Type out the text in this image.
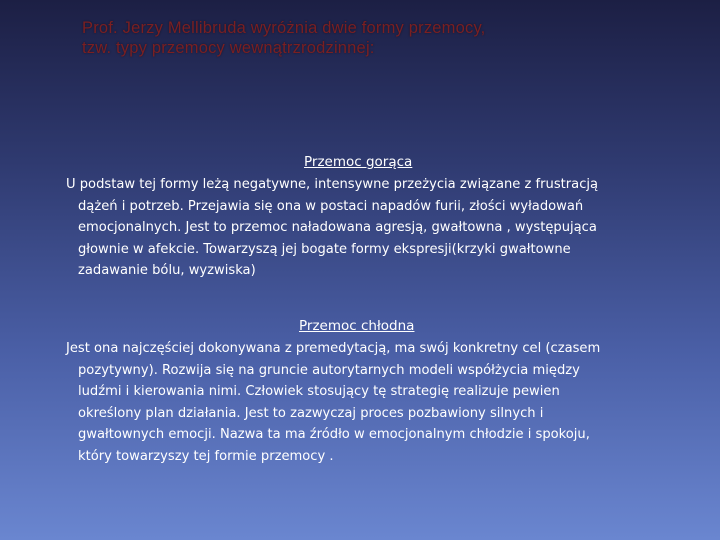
Prof. Jerzy Mellibruda wyróżnia dwie formy przemocy,
tzw. typy przemocy wewnątrzrodzinnej:
Przemoc gorąca
U podstaw tej formy leżą negatywne, intensywne przeżycia związane z frustracją
dążeń i potrzeb. Przejawia się ona w postaci napadów furii, złości wyładowań
emocjonalnych. Jest to przemoc naładowana agresją, gwałtowna , występująca
głownie w afekcie. Towarzyszą jej bogate formy ekspresji(krzyki gwałtowne
zadawanie bólu, wyzwiska)
Przemoc chłodna
Jest ona najczęściej dokonywana z premedytacją, ma swój konkretny cel (czasem
pozytywny). Rozwija się na gruncie autorytarnych modeli współżycia między
ludźmi i kierowania nimi. Człowiek stosujący tę strategię realizuje pewien
określony plan działania. Jest to zazwyczaj proces pozbawiony silnych i
gwałtownych emocji. Nazwa ta ma źródło w emocjonalnym chłodzie i spokoju,
który towarzyszy tej formie przemocy .
